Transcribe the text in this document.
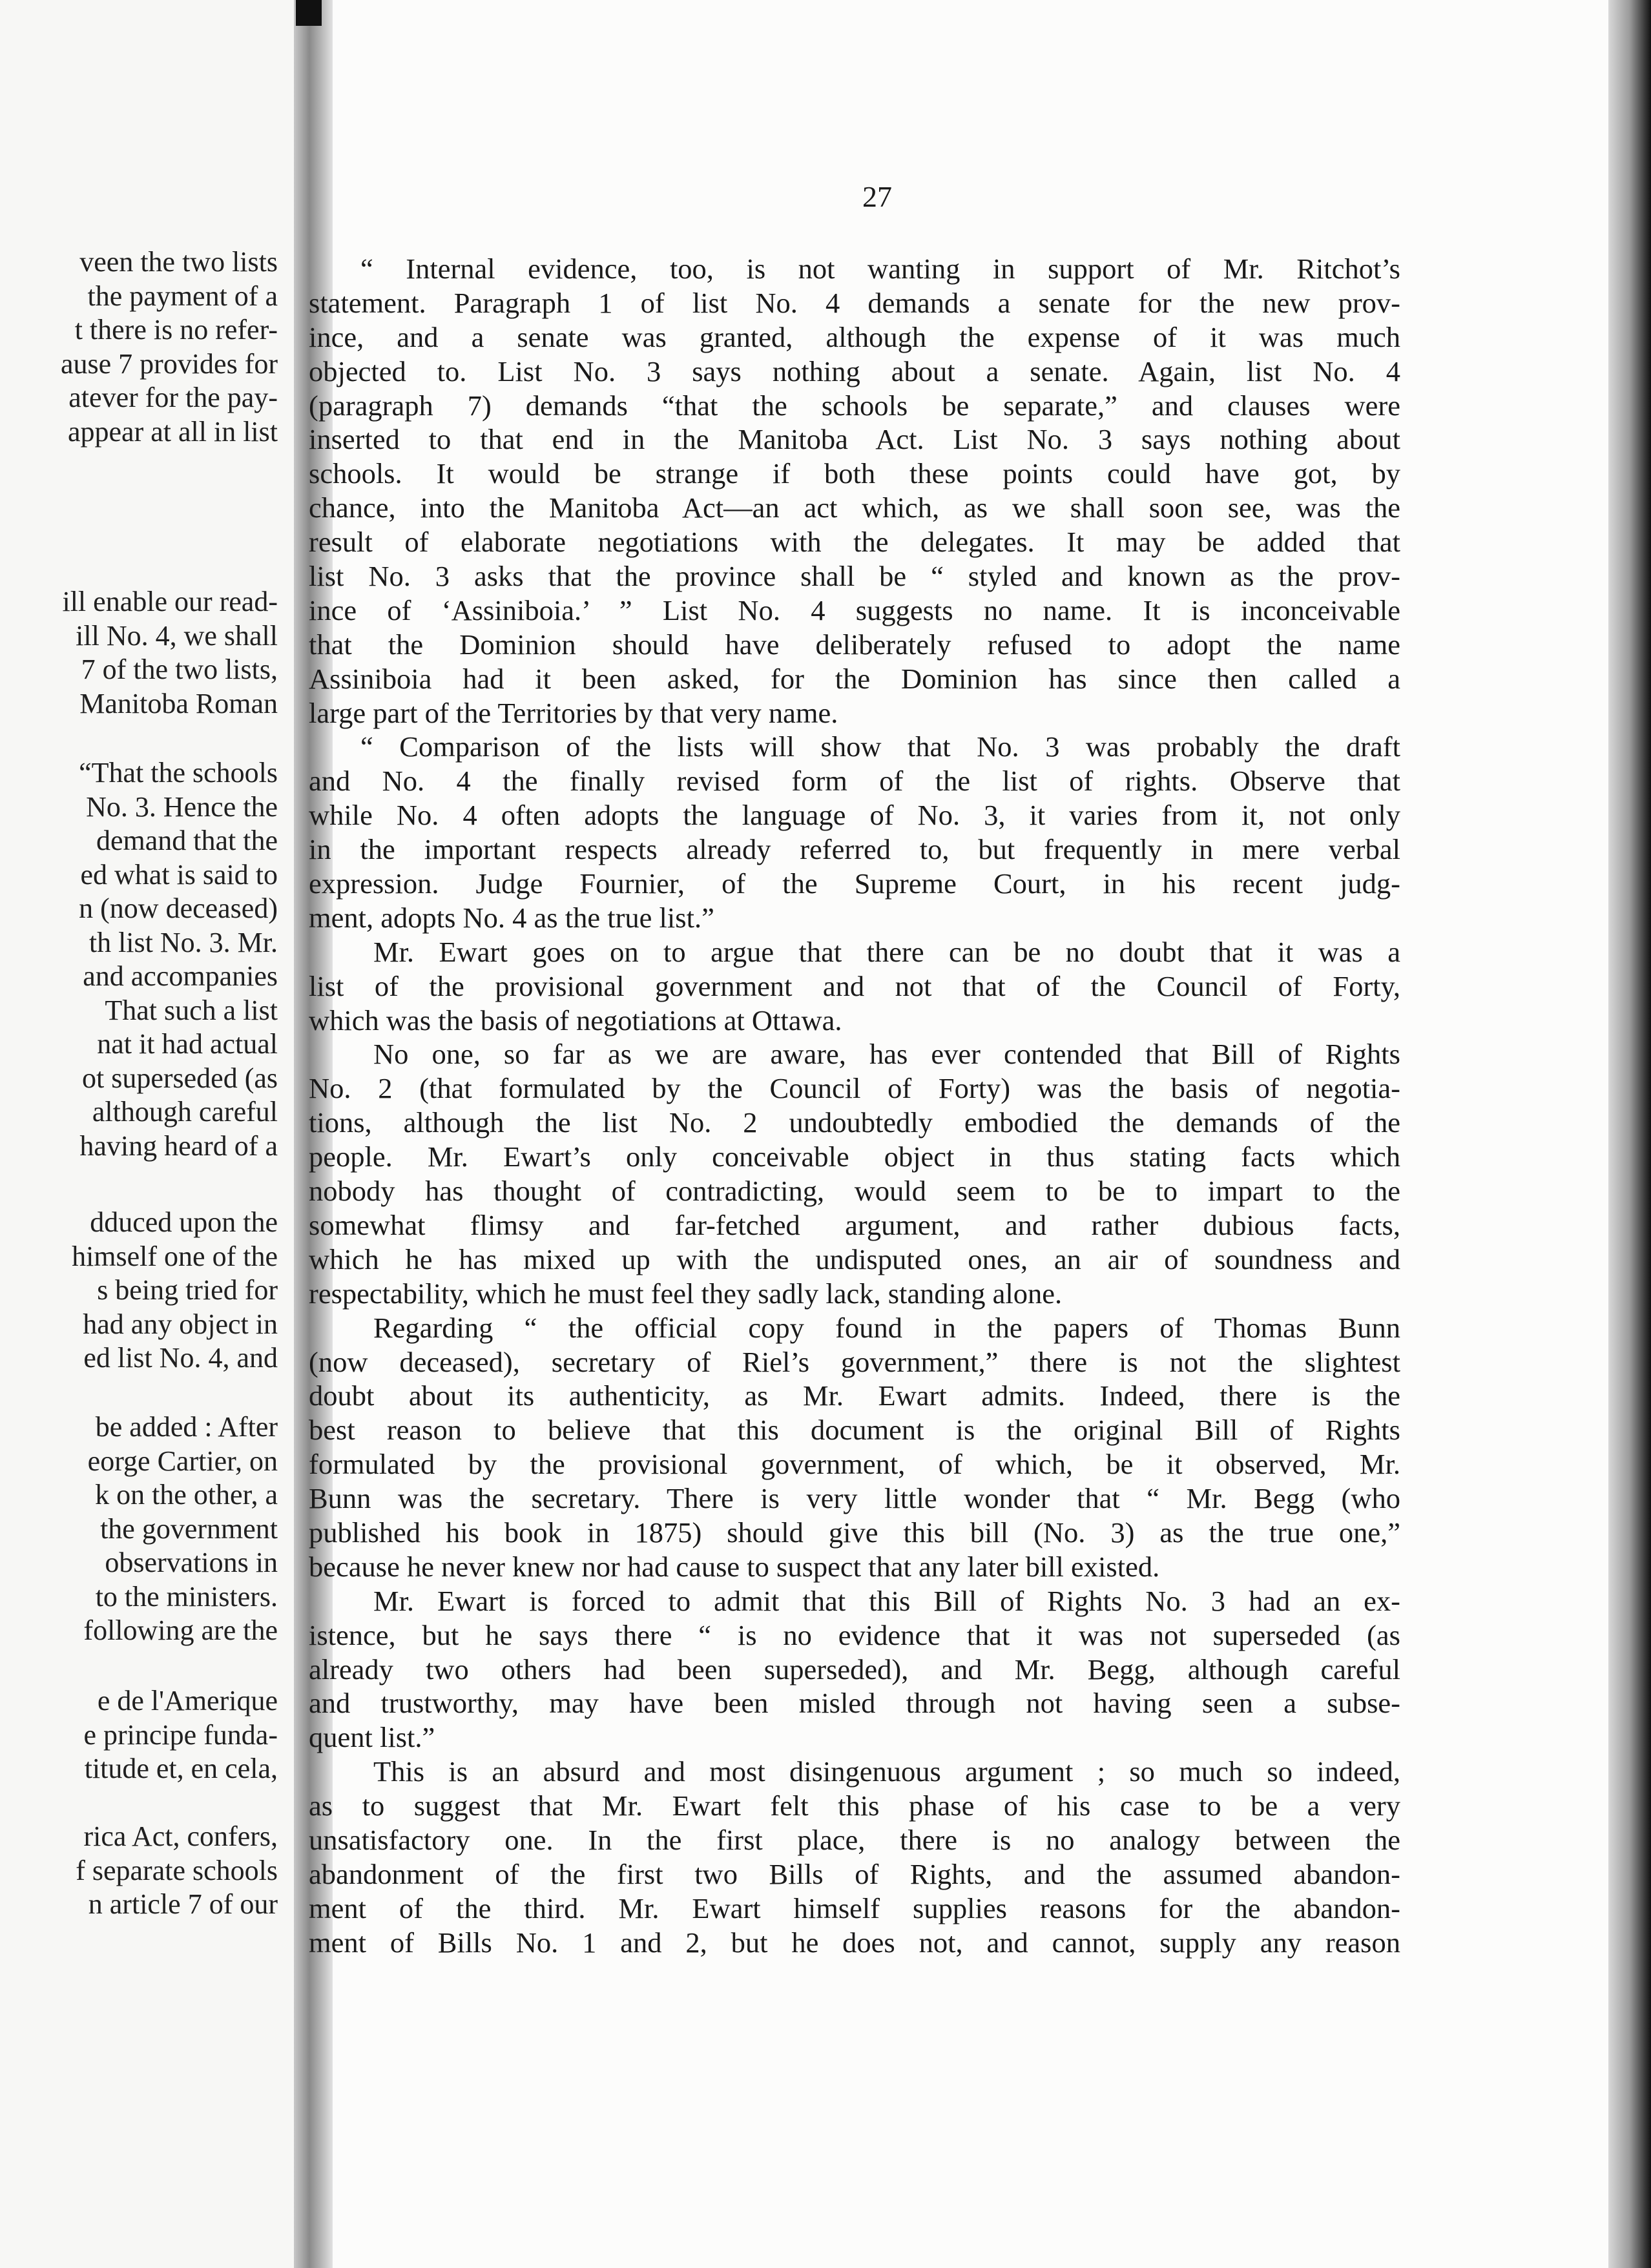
veen the two lists
the payment of a
t there is no refer-
ause 7 provides for
atever for the pay-
appear at all in list
ill enable our read-
ill No. 4, we shall
7 of the two lists,
Manitoba Roman
“That the schools
No. 3. Hence the
demand that the
ed what is said to
n (now deceased)
th list No. 3. Mr.
and accompanies
That such a list
nat it had actual
ot superseded (as
although careful
having heard of a
dduced upon the
himself one of the
s being tried for
had any object in
ed list No. 4, and
be added : After
eorge Cartier, on
k on the other, a
the government
observations in
to the ministers.
following are the
e de l'Amerique
e principe funda-
titude et, en cela,
rica Act, confers,
f separate schools
n article 7 of our
27
“ Internal evidence, too, is not wanting in support of Mr. Ritchot’s
statement. Paragraph 1 of list No. 4 demands a senate for the new prov-
ince, and a senate was granted, although the expense of it was much
objected to. List No. 3 says nothing about a senate. Again, list No. 4
(paragraph 7) demands “that the schools be separate,” and clauses were
inserted to that end in the Manitoba Act. List No. 3 says nothing about
schools. It would be strange if both these points could have got, by
chance, into the Manitoba Act—an act which, as we shall soon see, was the
result of elaborate negotiations with the delegates. It may be added that
list No. 3 asks that the province shall be “ styled and known as the prov-
ince of ‘Assiniboia.’ ” List No. 4 suggests no name. It is inconceivable
that the Dominion should have deliberately refused to adopt the name
Assiniboia had it been asked, for the Dominion has since then called a
large part of the Territories by that very name.
“ Comparison of the lists will show that No. 3 was probably the draft
and No. 4 the finally revised form of the list of rights. Observe that
while No. 4 often adopts the language of No. 3, it varies from it, not only
in the important respects already referred to, but frequently in mere verbal
expression. Judge Fournier, of the Supreme Court, in his recent judg-
ment, adopts No. 4 as the true list.”
Mr. Ewart goes on to argue that there can be no doubt that it was a
list of the provisional government and not that of the Council of Forty,
which was the basis of negotiations at Ottawa.
No one, so far as we are aware, has ever contended that Bill of Rights
No. 2 (that formulated by the Council of Forty) was the basis of negotia-
tions, although the list No. 2 undoubtedly embodied the demands of the
people. Mr. Ewart’s only conceivable object in thus stating facts which
nobody has thought of contradicting, would seem to be to impart to the
somewhat flimsy and far-fetched argument, and rather dubious facts,
which he has mixed up with the undisputed ones, an air of soundness and
respectability, which he must feel they sadly lack, standing alone.
Regarding “ the official copy found in the papers of Thomas Bunn
(now deceased), secretary of Riel’s government,” there is not the slightest
doubt about its authenticity, as Mr. Ewart admits. Indeed, there is the
best reason to believe that this document is the original Bill of Rights
formulated by the provisional government, of which, be it observed, Mr.
Bunn was the secretary. There is very little wonder that “ Mr. Begg (who
published his book in 1875) should give this bill (No. 3) as the true one,”
because he never knew nor had cause to suspect that any later bill existed.
Mr. Ewart is forced to admit that this Bill of Rights No. 3 had an ex-
istence, but he says there “ is no evidence that it was not superseded (as
already two others had been superseded), and Mr. Begg, although careful
and trustworthy, may have been misled through not having seen a subse-
quent list.”
This is an absurd and most disingenuous argument ; so much so indeed,
as to suggest that Mr. Ewart felt this phase of his case to be a very
unsatisfactory one. In the first place, there is no analogy between the
abandonment of the first two Bills of Rights, and the assumed abandon-
ment of the third. Mr. Ewart himself supplies reasons for the abandon-
ment of Bills No. 1 and 2, but he does not, and cannot, supply any reason
